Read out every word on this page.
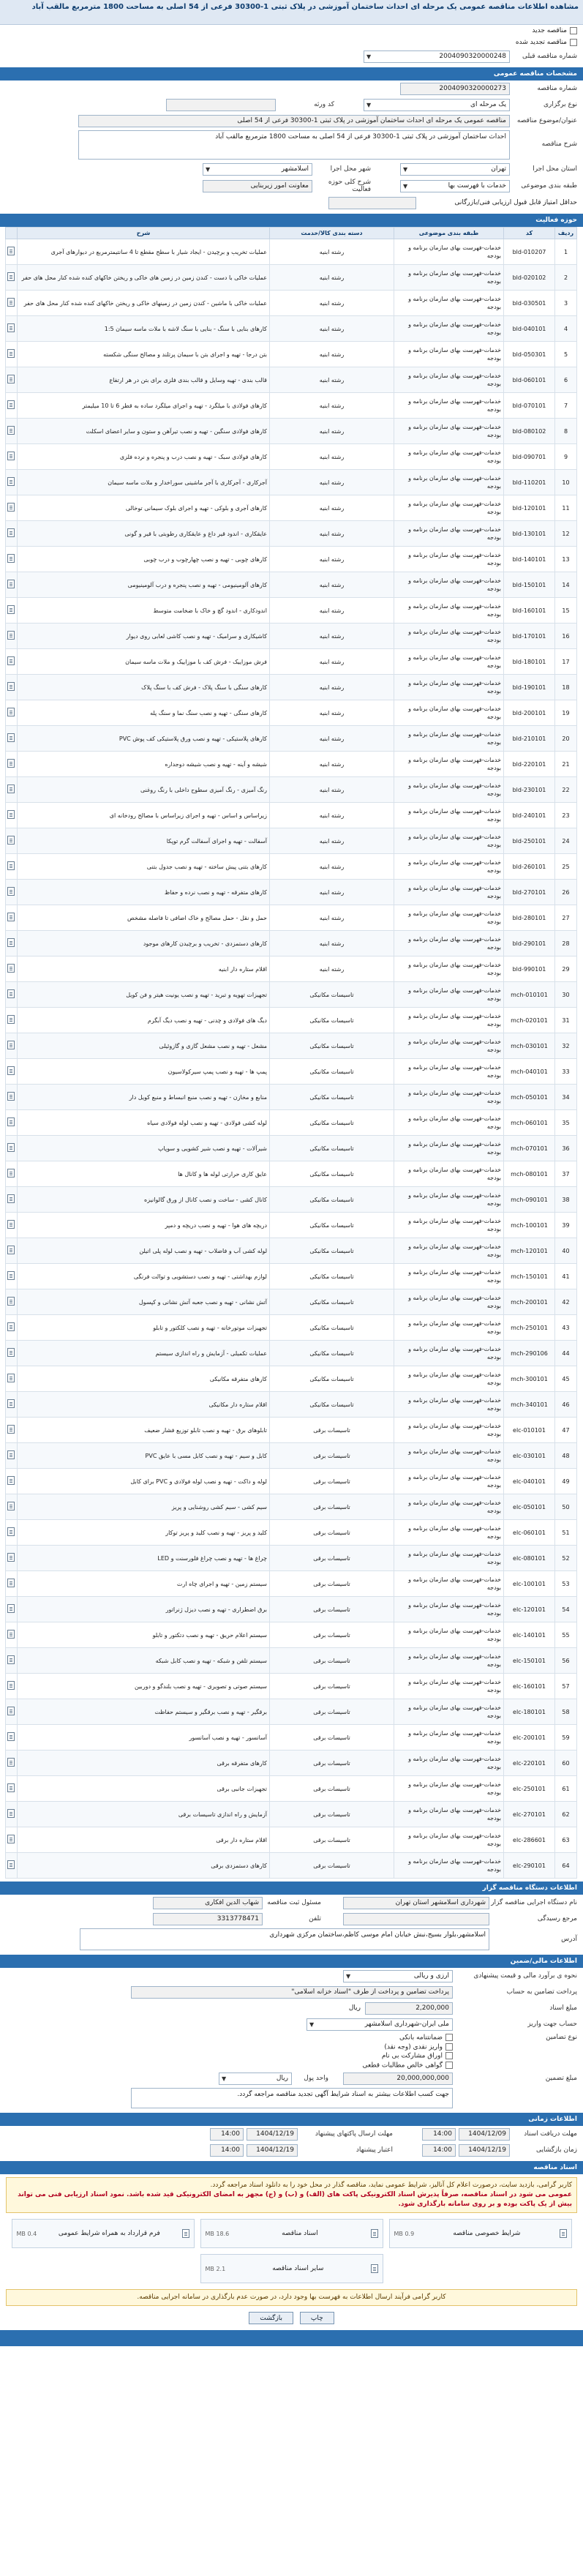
مشاهده اطلاعات مناقصه عمومی یک مرحله ای احداث ساختمان آموزشی در پلاک ثبتی 1-30300 فرعی از 54 اصلی به مساحت 1800 مترمربع مالقب آباد
مناقصه جدید
مناقصه تجدید شده
شماره مناقصه قبلی
2004090320000248
▼
مشخصات مناقصه عمومی
شماره مناقصه
2004090320000273
نوع برگزاری
یک مرحله ای
▼
کد ورثه
عنوان/موضوع مناقصه
مناقصه عمومی یک مرحله ای احداث ساختمان آموزشی در پلاک ثبتی 1-30300 فرعی از 54 اصلی
شرح مناقصه
احداث ساختمان آموزشی در پلاک ثبتی 1-30300 فرعی از 54 اصلی به مساحت 1800 مترمربع مالقب آباد
استان محل اجرا
تهران
▼
شهر محل اجرا
اسلامشهر
▼
طبقه بندی موضوعی
خدمات با فهرست بها
▼
شرح کلی حوزه فعالیت
معاونت امور زیربنایی
حداقل امتیاز قابل قبول ارزیابی فنی/بازرگانی
حوزه فعالیت
ردیف	کد	طبقه بندی موضوعی	دسته بندی کالا/خدمت	شرح	
1	bld-010207	خدمات-فهرست بهای سازمان برنامه و بودجه	رشته ابنیه	عملیات تخریب و برچیدن - ایجاد شیار با سطح مقطع تا 4 سانتیمترمربع در دیوارهای آجری	
2	bld-020102	خدمات-فهرست بهای سازمان برنامه و بودجه	رشته ابنیه	عملیات خاکی با دست - کندن زمین در زمین های خاکی و ریختن خاکهای کنده شده کنار محل های حفر	
3	bld-030501	خدمات-فهرست بهای سازمان برنامه و بودجه	رشته ابنیه	عملیات خاکی با ماشین - کندن زمین در زمینهای خاکی و ریختن خاکهای کنده شده کنار محل های حفر	
4	bld-040101	خدمات-فهرست بهای سازمان برنامه و بودجه	رشته ابنیه	کارهای بنایی با سنگ - بنایی با سنگ لاشه با ملات ماسه سیمان 1:5	
5	bld-050301	خدمات-فهرست بهای سازمان برنامه و بودجه	رشته ابنیه	بتن درجا - تهیه و اجرای بتن با سیمان پرتلند و مصالح سنگی شکسته	
6	bld-060101	خدمات-فهرست بهای سازمان برنامه و بودجه	رشته ابنیه	قالب بندی - تهیه وسایل و قالب بندی فلزی برای بتن در هر ارتفاع	
7	bld-070101	خدمات-فهرست بهای سازمان برنامه و بودجه	رشته ابنیه	کارهای فولادی با میلگرد - تهیه و اجرای میلگرد ساده به قطر 6 تا 10 میلیمتر	
8	bld-080102	خدمات-فهرست بهای سازمان برنامه و بودجه	رشته ابنیه	کارهای فولادی سنگین - تهیه و نصب تیرآهن و ستون و سایر اعضای اسکلت	
9	bld-090701	خدمات-فهرست بهای سازمان برنامه و بودجه	رشته ابنیه	کارهای فولادی سبک - تهیه و نصب درب و پنجره و نرده فلزی	
10	bld-110201	خدمات-فهرست بهای سازمان برنامه و بودجه	رشته ابنیه	آجرکاری - آجرکاری با آجر ماشینی سوراخدار و ملات ماسه سیمان	
11	bld-120101	خدمات-فهرست بهای سازمان برنامه و بودجه	رشته ابنیه	کارهای آجری و بلوکی - تهیه و اجرای بلوک سیمانی توخالی	
12	bld-130101	خدمات-فهرست بهای سازمان برنامه و بودجه	رشته ابنیه	عایقکاری - اندود قیر داغ و عایقکاری رطوبتی با قیر و گونی	
13	bld-140101	خدمات-فهرست بهای سازمان برنامه و بودجه	رشته ابنیه	کارهای چوبی - تهیه و نصب چهارچوب و درب چوبی	
14	bld-150101	خدمات-فهرست بهای سازمان برنامه و بودجه	رشته ابنیه	کارهای آلومینیومی - تهیه و نصب پنجره و درب آلومینیومی	
15	bld-160101	خدمات-فهرست بهای سازمان برنامه و بودجه	رشته ابنیه	اندودکاری - اندود گچ و خاک با ضخامت متوسط	
16	bld-170101	خدمات-فهرست بهای سازمان برنامه و بودجه	رشته ابنیه	کاشیکاری و سرامیک - تهیه و نصب کاشی لعابی روی دیوار	
17	bld-180101	خدمات-فهرست بهای سازمان برنامه و بودجه	رشته ابنیه	فرش موزاییک - فرش کف با موزاییک و ملات ماسه سیمان	
18	bld-190101	خدمات-فهرست بهای سازمان برنامه و بودجه	رشته ابنیه	کارهای سنگی با سنگ پلاک - فرش کف با سنگ پلاک	
19	bld-200101	خدمات-فهرست بهای سازمان برنامه و بودجه	رشته ابنیه	کارهای سنگی - تهیه و نصب سنگ نما و سنگ پله	
20	bld-210101	خدمات-فهرست بهای سازمان برنامه و بودجه	رشته ابنیه	کارهای پلاستیکی - تهیه و نصب ورق پلاستیکی کف پوش PVC	
21	bld-220101	خدمات-فهرست بهای سازمان برنامه و بودجه	رشته ابنیه	شیشه و آینه - تهیه و نصب شیشه دوجداره	
22	bld-230101	خدمات-فهرست بهای سازمان برنامه و بودجه	رشته ابنیه	رنگ آمیزی - رنگ آمیزی سطوح داخلی با رنگ روغنی	
23	bld-240101	خدمات-فهرست بهای سازمان برنامه و بودجه	رشته ابنیه	زیراساس و اساس - تهیه و اجرای زیراساس با مصالح رودخانه ای	
24	bld-250101	خدمات-فهرست بهای سازمان برنامه و بودجه	رشته ابنیه	آسفالت - تهیه و اجرای آسفالت گرم توپکا	
25	bld-260101	خدمات-فهرست بهای سازمان برنامه و بودجه	رشته ابنیه	کارهای بتنی پیش ساخته - تهیه و نصب جدول بتنی	
26	bld-270101	خدمات-فهرست بهای سازمان برنامه و بودجه	رشته ابنیه	کارهای متفرقه - تهیه و نصب نرده و حفاظ	
27	bld-280101	خدمات-فهرست بهای سازمان برنامه و بودجه	رشته ابنیه	حمل و نقل - حمل مصالح و خاک اضافی تا فاصله مشخص	
28	bld-290101	خدمات-فهرست بهای سازمان برنامه و بودجه	رشته ابنیه	کارهای دستمزدی - تخریب و برچیدن کارهای موجود	
29	bld-990101	خدمات-فهرست بهای سازمان برنامه و بودجه	رشته ابنیه	اقلام ستاره دار ابنیه	
30	mch-010101	خدمات-فهرست بهای سازمان برنامه و بودجه	تاسیسات مکانیکی	تجهیزات تهویه و تبرید - تهیه و نصب یونیت هیتر و فن کویل	
31	mch-020101	خدمات-فهرست بهای سازمان برنامه و بودجه	تاسیسات مکانیکی	دیگ های فولادی و چدنی - تهیه و نصب دیگ آبگرم	
32	mch-030101	خدمات-فهرست بهای سازمان برنامه و بودجه	تاسیسات مکانیکی	مشعل - تهیه و نصب مشعل گازی و گازوئیلی	
33	mch-040101	خدمات-فهرست بهای سازمان برنامه و بودجه	تاسیسات مکانیکی	پمپ ها - تهیه و نصب پمپ سیرکولاسیون	
34	mch-050101	خدمات-فهرست بهای سازمان برنامه و بودجه	تاسیسات مکانیکی	منابع و مخازن - تهیه و نصب منبع انبساط و منبع کویل دار	
35	mch-060101	خدمات-فهرست بهای سازمان برنامه و بودجه	تاسیسات مکانیکی	لوله کشی فولادی - تهیه و نصب لوله فولادی سیاه	
36	mch-070101	خدمات-فهرست بهای سازمان برنامه و بودجه	تاسیسات مکانیکی	شیرآلات - تهیه و نصب شیر کشویی و سوپاپ	
37	mch-080101	خدمات-فهرست بهای سازمان برنامه و بودجه	تاسیسات مکانیکی	عایق کاری حرارتی لوله ها و کانال ها	
38	mch-090101	خدمات-فهرست بهای سازمان برنامه و بودجه	تاسیسات مکانیکی	کانال کشی - ساخت و نصب کانال از ورق گالوانیزه	
39	mch-100101	خدمات-فهرست بهای سازمان برنامه و بودجه	تاسیسات مکانیکی	دریچه های هوا - تهیه و نصب دریچه و دمپر	
40	mch-120101	خدمات-فهرست بهای سازمان برنامه و بودجه	تاسیسات مکانیکی	لوله کشی آب و فاضلاب - تهیه و نصب لوله پلی اتیلن	
41	mch-150101	خدمات-فهرست بهای سازمان برنامه و بودجه	تاسیسات مکانیکی	لوازم بهداشتی - تهیه و نصب دستشویی و توالت فرنگی	
42	mch-200101	خدمات-فهرست بهای سازمان برنامه و بودجه	تاسیسات مکانیکی	آتش نشانی - تهیه و نصب جعبه آتش نشانی و کپسول	
43	mch-250101	خدمات-فهرست بهای سازمان برنامه و بودجه	تاسیسات مکانیکی	تجهیزات موتورخانه - تهیه و نصب کلکتور و تابلو	
44	mch-290106	خدمات-فهرست بهای سازمان برنامه و بودجه	تاسیسات مکانیکی	عملیات تکمیلی - آزمایش و راه اندازی سیستم	
45	mch-300101	خدمات-فهرست بهای سازمان برنامه و بودجه	تاسیسات مکانیکی	کارهای متفرقه مکانیکی	
46	mch-340101	خدمات-فهرست بهای سازمان برنامه و بودجه	تاسیسات مکانیکی	اقلام ستاره دار مکانیکی	
47	elc-010101	خدمات-فهرست بهای سازمان برنامه و بودجه	تاسیسات برقی	تابلوهای برق - تهیه و نصب تابلو توزیع فشار ضعیف	
48	elc-030101	خدمات-فهرست بهای سازمان برنامه و بودجه	تاسیسات برقی	کابل و سیم - تهیه و نصب کابل مسی با عایق PVC	
49	elc-040101	خدمات-فهرست بهای سازمان برنامه و بودجه	تاسیسات برقی	لوله و داکت - تهیه و نصب لوله فولادی و PVC برای کابل	
50	elc-050101	خدمات-فهرست بهای سازمان برنامه و بودجه	تاسیسات برقی	سیم کشی - سیم کشی روشنایی و پریز	
51	elc-060101	خدمات-فهرست بهای سازمان برنامه و بودجه	تاسیسات برقی	کلید و پریز - تهیه و نصب کلید و پریز توکار	
52	elc-080101	خدمات-فهرست بهای سازمان برنامه و بودجه	تاسیسات برقی	چراغ ها - تهیه و نصب چراغ فلورسنت و LED	
53	elc-100101	خدمات-فهرست بهای سازمان برنامه و بودجه	تاسیسات برقی	سیستم زمین - تهیه و اجرای چاه ارت	
54	elc-120101	خدمات-فهرست بهای سازمان برنامه و بودجه	تاسیسات برقی	برق اضطراری - تهیه و نصب دیزل ژنراتور	
55	elc-140101	خدمات-فهرست بهای سازمان برنامه و بودجه	تاسیسات برقی	سیستم اعلام حریق - تهیه و نصب دتکتور و تابلو	
56	elc-150101	خدمات-فهرست بهای سازمان برنامه و بودجه	تاسیسات برقی	سیستم تلفن و شبکه - تهیه و نصب کابل شبکه	
57	elc-160101	خدمات-فهرست بهای سازمان برنامه و بودجه	تاسیسات برقی	سیستم صوتی و تصویری - تهیه و نصب بلندگو و دوربین	
58	elc-180101	خدمات-فهرست بهای سازمان برنامه و بودجه	تاسیسات برقی	برقگیر - تهیه و نصب برقگیر و سیستم حفاظت	
59	elc-200101	خدمات-فهرست بهای سازمان برنامه و بودجه	تاسیسات برقی	آسانسور - تهیه و نصب آسانسور	
60	elc-220101	خدمات-فهرست بهای سازمان برنامه و بودجه	تاسیسات برقی	کارهای متفرقه برقی	
61	elc-250101	خدمات-فهرست بهای سازمان برنامه و بودجه	تاسیسات برقی	تجهیزات جانبی برقی	
62	elc-270101	خدمات-فهرست بهای سازمان برنامه و بودجه	تاسیسات برقی	آزمایش و راه اندازی تاسیسات برقی	
63	elc-286601	خدمات-فهرست بهای سازمان برنامه و بودجه	تاسیسات برقی	اقلام ستاره دار برقی	
64	elc-290101	خدمات-فهرست بهای سازمان برنامه و بودجه	تاسیسات برقی	کارهای دستمزدی برقی	
اطلاعات دستگاه مناقصه گزار
نام دستگاه اجرایی مناقصه گزار
شهرداری اسلامشهر استان تهران
مسئول ثبت مناقصه
شهاب الدین افکاری
مرجع رسیدگی
تلفن
3313778471
آدرس
اسلامشهر،بلوار بسیج،نبش خیابان امام موسی کاظم،ساختمان مرکزی شهرداری
اطلاعات مالی/ضمین
نحوه ی برآورد مالی و قیمت پیشنهادی
ارزی و ریالی
▼
پرداخت تضامین به حساب
پرداخت تضامین و پرداخت از طرف "اسناد خزانه اسلامی"
مبلغ اسناد
2,200,000
ریال
حساب جهت واریز
ملی ایران-شهرداری اسلامشهر
▼
نوع تضامین
ضمانتنامه بانکی
واریز نقدی (وجه نقد)
اوراق مشارکت بی نام
گواهی خالص مطالبات قطعی
مبلغ تضمین
20,000,000,000
واحد پول
ریال
▼
جهت کسب اطلاعات بیشتر به اسناد شرایط آگهی تجدید مناقصه مراجعه گردد.
اطلاعات زمانی
مهلت دریافت اسناد
1404/12/09
14:00
مهلت ارسال پاکتهای پیشنهاد
1404/12/19
14:00
زمان بازگشایی
1404/12/19
14:00
اعتبار پیشنهاد
1404/12/19
14:00
اسناد مناقصه
کاربر گرامی، بازدید سایت، درصورت اعلام کل آنالیز، شرایط عمومی نماید، مناقصه گذار در محل خود را به دانلود اسناد مراجعه گردد.
عمومی می شود در اسناد مناقصه، صرفاً پذیرش اسناد الکترونیکی پاکت های (الف) و (ب) و (ج) مجهز به امضای الکترونیکی قید شده باشد. نمود اسناد ارزیابی فنی می تواند بیش از یک پاکت بوده و بر روی سامانه بارگذاری شود.
شرایط خصوصی مناقصه
0.9 MB
اسناد مناقصه
18.6 MB
فرم قرارداد به همراه شرایط عمومی
0.4 MB
سایر اسناد مناقصه
2.1 MB
کاربر گرامی فرآیند ارسال اطلاعات به فهرست بها وجود دارد، در صورت عدم بارگذاری در سامانه اجرایی مناقصه.
چاپ بازگشت
